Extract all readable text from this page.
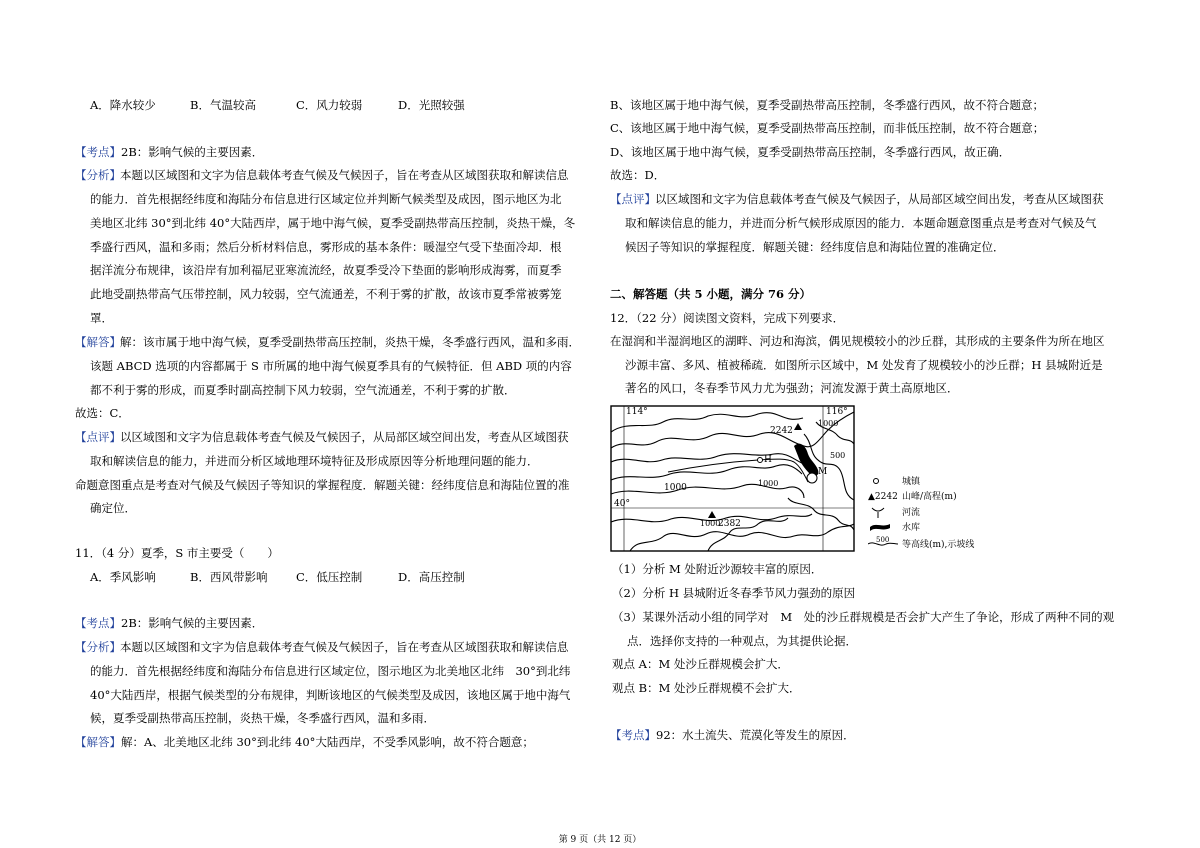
A．降水较少	B．气温较高	C．风力较弱	D．光照较强
【考点】2B：影响气候的主要因素．
【分析】 本题以区域图和文字为信息载体考查气候及气候因子，旨在考查从区域图获取和解读信息
的能力．首先根据经纬度和海陆分布信息进行区域定位并判断气候类型及成因，图示地区为北
美地区北纬 30°到北纬 40°大陆西岸，属于地中海气候，夏季受副热带高压控制，炎热干燥，冬
季盛行西风，温和多雨；然后分析材料信息，雾形成的基本条件：暖湿空气受下垫面冷却．根
据洋流分布规律，该沿岸有加利福尼亚寒流流经，故夏季受冷下垫面的影响形成海雾，而夏季
此地受副热带高气压带控制，风力较弱，空气流通差，不利于雾的扩散，故该市夏季常被雾笼
罩．
【解答】 解：该市属于地中海气候，夏季受副热带高压控制，炎热干燥，冬季盛行西风，温和多雨．
该题 ABCD 选项的内容都属于 S 市所属的地中海气候夏季具有的气候特征．但 ABD 项的内容
都不利于雾的形成，而夏季时副高控制下风力较弱，空气流通差，不利于雾的扩散．
故选：C．
【点评】 以区域图和文字为信息载体考查气候及气候因子，从局部区域空间出发，考查从区域图获
取和解读信息的能力，并进而分析区域地理环境特征及形成原因等分析地理问题的能力．
命题意图重点是考查对气候及气候因子等知识的掌握程度．解题关键：经纬度信息和海陆位置的准
确定位．
11．（4 分）夏季，S 市主要受（　　）
A．季风影响	B．西风带影响 C．低压控制	D．高压控制
【考点】2B：影响气候的主要因素．
【分析】 本题以区域图和文字为信息载体考查气候及气候因子，旨在考查从区域图获取和解读信息
的能力．首先根据经纬度和海陆分布信息进行区域定位，图示地区为北美地区北纬　30°到北纬
40°大陆西岸，根据气候类型的分布规律，判断该地区的气候类型及成因，该地区属于地中海气
候，夏季受副热带高压控制，炎热干燥，冬季盛行西风，温和多雨．
【解答】解：A、北美地区北纬 30°到北纬 40°大陆西岸，不受季风影响，故不符合题意；
B、该地区属于地中海气候，夏季受副热带高压控制，冬季盛行西风，故不符合题意；
C、该地区属于地中海气候，夏季受副热带高压控制，而非低压控制，故不符合题意；
D、该地区属于地中海气候，夏季受副热带高压控制，冬季盛行西风，故正确．
故选：D．
【点评】 以区域图和文字为信息载体考查气候及气候因子，从局部区域空间出发，考查从区域图获
取和解读信息的能力，并进而分析气候形成原因的能力．本题命题意图重点是考查对气候及气
候因子等知识的掌握程度．解题关键：经纬度信息和海陆位置的准确定位．
二、解答题（共 5 小题，满分 76 分）
12．（22 分）阅读图文资料，完成下列要求．
在湿润和半湿润地区的湖畔、河边和海滨，偶见规模较小的沙丘群，其形成的主要条件为所在地区
沙源丰富、多风、植被稀疏．如图所示区域中，M 处发育了规模较小的沙丘群；H 县城附近是
著名的风口，冬春季节风力尤为强劲；河流发源于黄土高原地区．
114°	116°
40°
2242
2382
1000
1000
1000
1000
500
H
M
城镇
▲2242 山峰/高程(m)
河流
水库
500 等高线(m),示坡线
（1）分析 M 处附近沙源较丰富的原因．
（2）分析 H 县城附近冬春季节风力强劲的原因
（3）某课外活动小组的同学对　M　处的沙丘群规模是否会扩大产生了争论，形成了两种不同的观
点．选择你支持的一种观点，为其提供论据．
观点 A：M 处沙丘群规模会扩大．
观点 B：M 处沙丘群规模不会扩大．
【考点】92：水土流失、荒漠化等发生的原因．
第 9 页（共 12 页）
